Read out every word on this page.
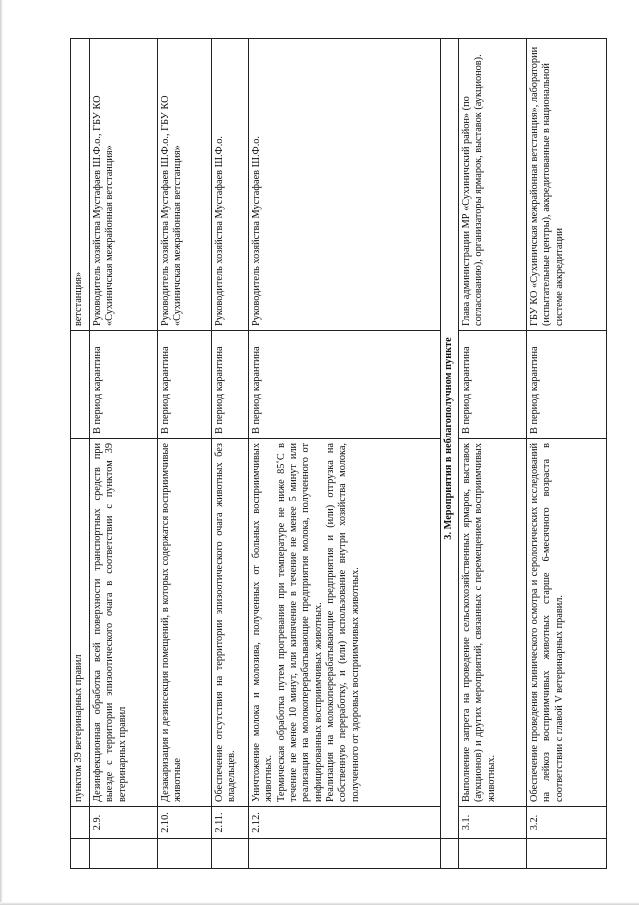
		пунктом 39 ветеринарных правил		ветстанция»
	2.9.	Дезинфекционная обработка всей поверхности транспортных средств при выезде с территории эпизоотического очага в соответствии с пунктом 39 ветеринарных правил	В период карантина	Руководитель хозяйства Мустафаев Ш.Ф.о., ГБУ КО «Сухиничская межрайонная ветстанция»
	2.10.	Дезакаризация и дезинсекция помещений, в которых содержатся восприимчивые животные	В период карантина	Руководитель хозяйства Мустафаев Ш.Ф.о., ГБУ КО «Сухиничская межрайонная ветстанция»
	2.11.	Обеспечение отсутствия на территории эпизоотического очага животных без владельцев.	В период карантина	Руководитель хозяйства Мустафаев Ш.Ф.о.
	2.12.	Уничтожение молока и молозива, полученных от больных восприимчивых животных. Термическая обработка путем прогревания при температуре не ниже 85˚С в течение не менее 10 минут, или кипячение в течение не менее 5 минут или реализация на молокоперерабатывающие предприятия молока, полученного от инфицированных восприимчивых животных. Реализация на молокоперерабатывающие предприятия и (или) отгрузка на собственную переработку, и (или) использование внутри хозяйства молока, полученного от здоровых восприимчивых животных.	В период карантина	Руководитель хозяйства Мустафаев Ш.Ф.о.
	3. Мероприятия в неблагополучном пункте			
	3.1.	Выполнение запрета на проведение сельскохозяйственных ярмарок, выставок (аукционов) и других мероприятий, связанных с перемещением восприимчивых животных.	В период карантина	Глава администрации МР «Сухиничский район» (по согласованию), организаторы ярмарок, выставок (аукционов).
	3.2.	Обеспечение проведения клинического осмотра и серологических исследований на лейкоз восприимчивых животных старше 6-месячного возраста в соответствии с главой V ветеринарных правил.	В период карантина	ГБУ КО «Сухиничская межрайонная ветстанция», лаборатории (испытательные центры), аккредитованные в национальной системе аккредитации
